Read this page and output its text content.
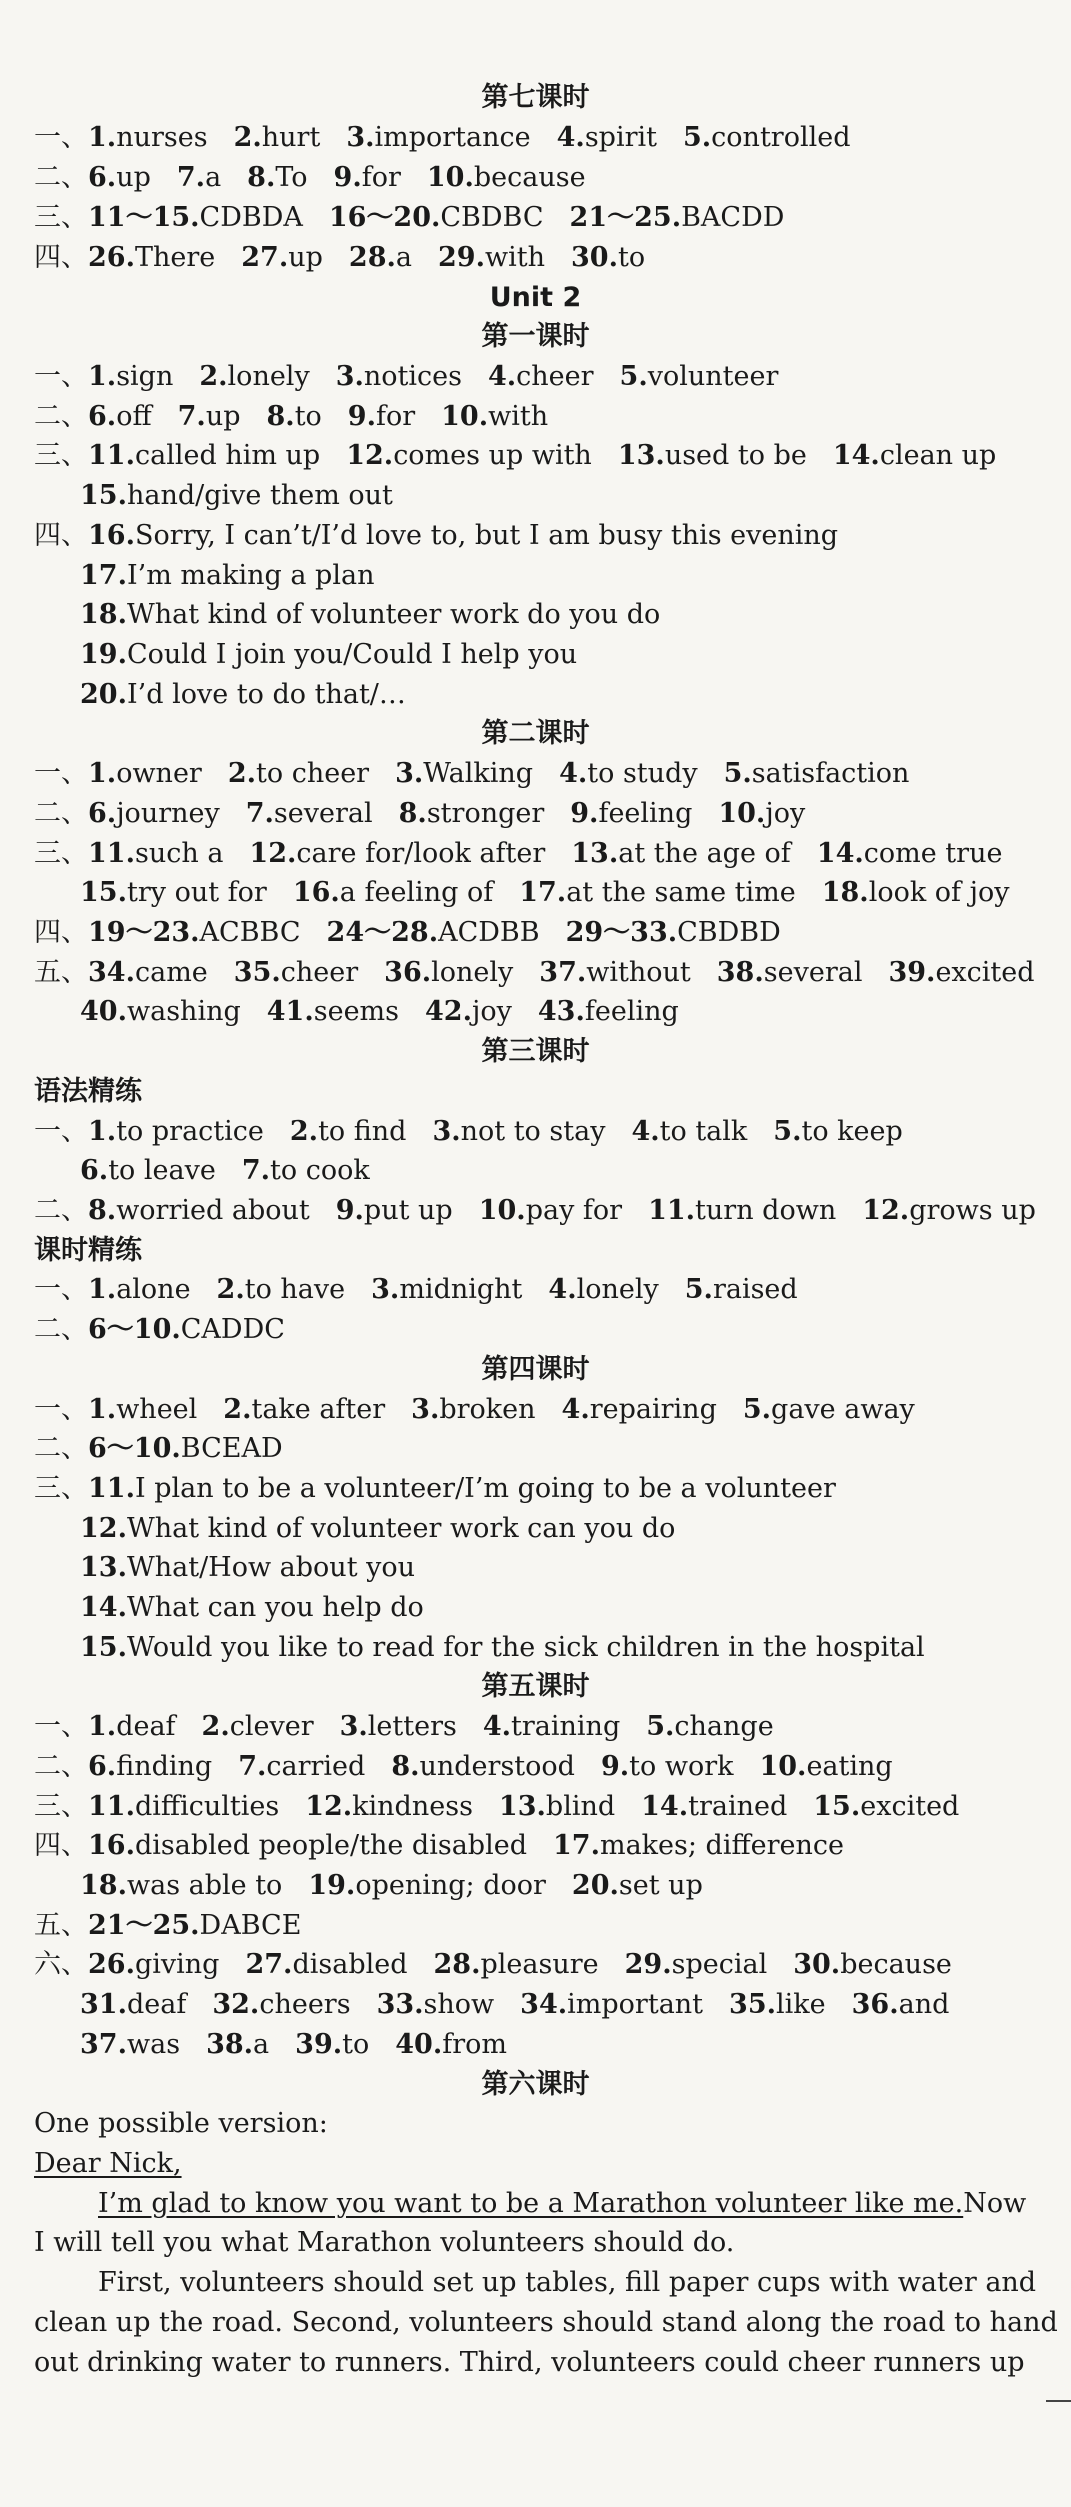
第七课时
一、1.nurses 2.hurt 3.importance 4.spirit 5.controlled
二、6.up 7.a 8.To 9.for 10.because
三、11～15.CDBDA 16～20.CBDBC 21～25.BACDD
四、26.There 27.up 28.a 29.with 30.to
Unit 2
第一课时
一、1.sign 2.lonely 3.notices 4.cheer 5.volunteer
二、6.off 7.up 8.to 9.for 10.with
三、11.called him up 12.comes up with 13.used to be 14.clean up
15.hand/give them out
四、16.Sorry, I can’t/I’d love to, but I am busy this evening
17.I’m making a plan
18.What kind of volunteer work do you do
19.Could I join you/Could I help you
20.I’d love to do that/…
第二课时
一、1.owner 2.to cheer 3.Walking 4.to study 5.satisfaction
二、6.journey 7.several 8.stronger 9.feeling 10.joy
三、11.such a 12.care for/look after 13.at the age of 14.come true
15.try out for 16.a feeling of 17.at the same time 18.look of joy
四、19～23.ACBBC 24～28.ACDBB 29～33.CBDBD
五、34.came 35.cheer 36.lonely 37.without 38.several 39.excited
40.washing 41.seems 42.joy 43.feeling
第三课时
语法精练
一、1.to practice 2.to find 3.not to stay 4.to talk 5.to keep
6.to leave 7.to cook
二、8.worried about 9.put up 10.pay for 11.turn down 12.grows up
课时精练
一、1.alone 2.to have 3.midnight 4.lonely 5.raised
二、6～10.CADDC
第四课时
一、1.wheel 2.take after 3.broken 4.repairing 5.gave away
二、6～10.BCEAD
三、11.I plan to be a volunteer/I’m going to be a volunteer
12.What kind of volunteer work can you do
13.What/How about you
14.What can you help do
15.Would you like to read for the sick children in the hospital
第五课时
一、1.deaf 2.clever 3.letters 4.training 5.change
二、6.finding 7.carried 8.understood 9.to work 10.eating
三、11.difficulties 12.kindness 13.blind 14.trained 15.excited
四、16.disabled people/the disabled 17.makes; difference
18.was able to 19.opening; door 20.set up
五、21～25.DABCE
六、26.giving 27.disabled 28.pleasure 29.special 30.because
31.deaf 32.cheers 33.show 34.important 35.like 36.and
37.was 38.a 39.to 40.from
第六课时
One possible version:
Dear Nick,
I’m glad to know you want to be a Marathon volunteer like me.Now
I will tell you what Marathon volunteers should do.
First, volunteers should set up tables, fill paper cups with water and
clean up the road. Second, volunteers should stand along the road to hand
out drinking water to runners. Third, volunteers could cheer runners up
